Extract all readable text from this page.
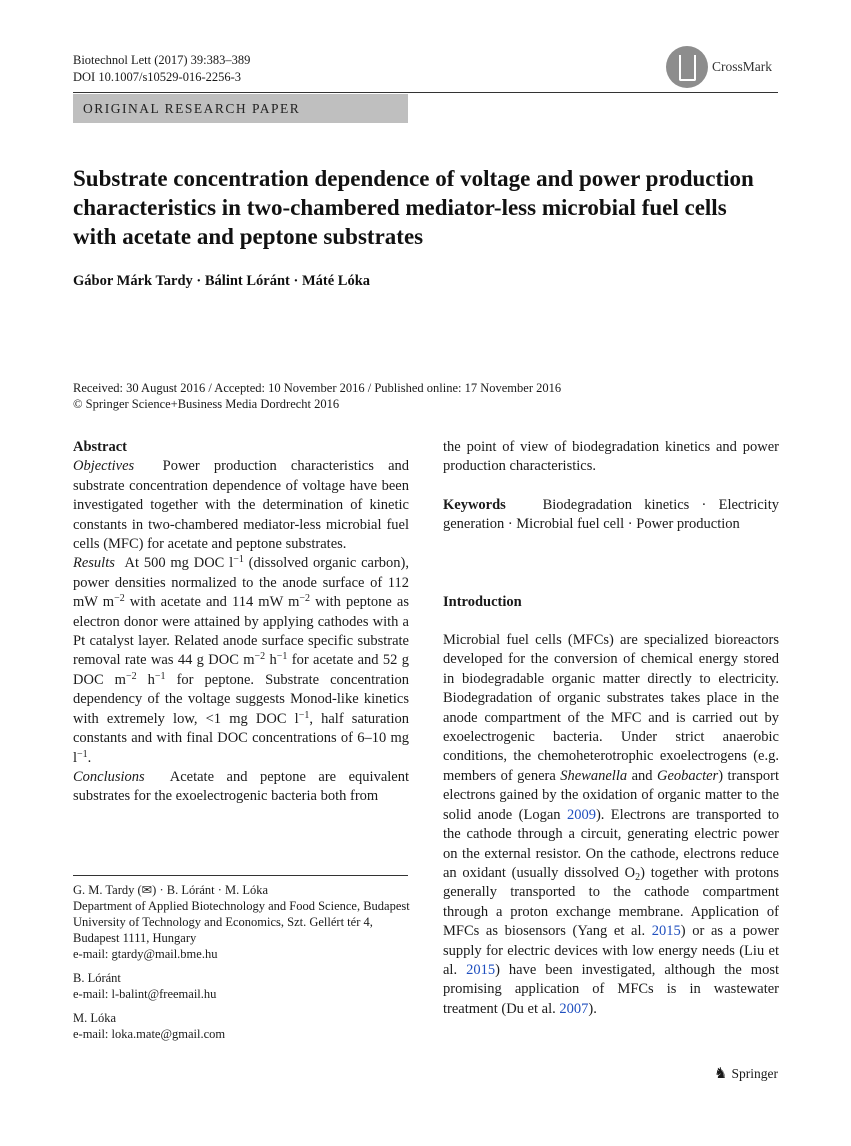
Biotechnol Lett (2017) 39:383–389
DOI 10.1007/s10529-016-2256-3
CrossMark
ORIGINAL RESEARCH PAPER
Substrate concentration dependence of voltage and power production characteristics in two-chambered mediator-less microbial fuel cells with acetate and peptone substrates
Gábor Márk Tardy · Bálint Lóránt · Máté Lóka
Received: 30 August 2016 / Accepted: 10 November 2016 / Published online: 17 November 2016
© Springer Science+Business Media Dordrecht 2016

Abstract

Objectives Power production characteristics and substrate concentration dependence of voltage have been investigated together with the determination of kinetic constants in two-chambered mediator-less microbial fuel cells (MFC) for acetate and peptone substrates.

Results At 500 mg DOC $l^{-1}$ (dissolved organic carbon), power densities normalized to the anode surface of 112 mW $m^{-2}$ with acetate and 114 mW $m^{-2}$ with peptone as electron donor were attained by applying cathodes with a Pt catalyst layer. Related anode surface specific substrate removal rate was 44 g DOC $m^{-2}$ $h^{-1}$ for acetate and 52 g DOC $m^{-2}$ $h^{-1}$ for peptone. Substrate concentration dependency of the voltage suggests Monod-like kinetics with extremely low, <1 mg DOC $l^{-1}$, half saturation constants and with final DOC concentrations of 6–10 mg $l^{-1}$.

Conclusions Acetate and peptone are equivalent substrates for the exoelectrogenic bacteria both from

G. M. Tardy (✉) · B. Lóránt · M. Lóka

Department of Applied Biotechnology and Food Science, Budapest University of Technology and Economics, Szt. Gellért tér 4, Budapest 1111, Hungary

e-mail: gtardy@mail.bme.hu

B. Lóránt

e-mail: l-balint@freemail.hu

M. Lóka

e-mail: loka.mate@gmail.com

the point of view of biodegradation kinetics and power production characteristics.

Keywords	Biodegradation kinetics · Electricity generation · Microbial fuel cell · Power production

Introduction

Microbial fuel cells (MFCs) are specialized bioreactors developed for the conversion of chemical energy stored in biodegradable organic matter directly to electricity. Biodegradation of organic substrates takes place in the anode compartment of the MFC and is carried out by exoelectrogenic bacteria. Under strict anaerobic conditions, the chemoheterotrophic exoelectrogens (e.g. members of genera Shewanella and Geobacter) transport electrons gained by the oxidation of organic matter to the solid anode (Logan 2009). Electrons are transported to the cathode through a circuit, generating electric power on the external resistor. On the cathode, electrons reduce an oxidant (usually dissolved $O_2$) together with protons generally transported to the cathode compartment through a proton exchange membrane. Application of MFCs as biosensors (Yang et al. 2015) or as a power supply for electric devices with low energy needs (Liu et al. 2015) have been investigated, although the most promising application of MFCs is in wastewater treatment (Du et al. 2007).

♞ Springer
